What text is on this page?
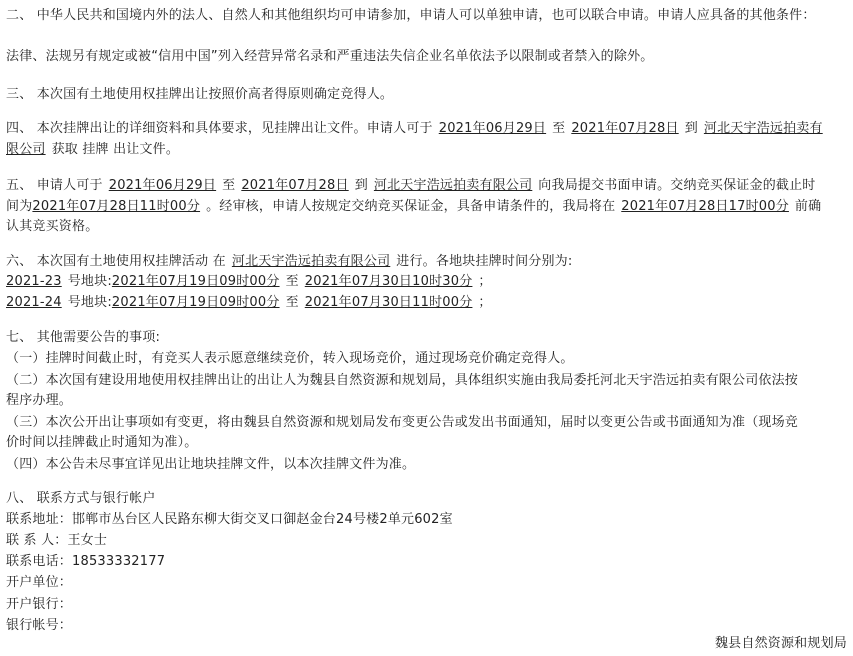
二、 中华人民共和国境内外的法人、自然人和其他组织均可申请参加，申请人可以单独申请，也可以联合申请。申请人应具备的其他条件：
法律、法规另有规定或被“信用中国”列入经营异常名录和严重违法失信企业名单依法予以限制或者禁入的除外。
三、 本次国有土地使用权挂牌出让按照价高者得原则确定竞得人。
四、 本次挂牌出让的详细资料和具体要求，见挂牌出让文件。申请人可于 2021年06月29日 至 2021年07月28日 到 河北天宇浩远拍卖有
限公司 获取 挂牌 出让文件。
五、 申请人可于 2021年06月29日 至 2021年07月28日 到 河北天宇浩远拍卖有限公司 向我局提交书面申请。交纳竞买保证金的截止时
间为2021年07月28日11时00分 。经审核，申请人按规定交纳竞买保证金，具备申请条件的，我局将在 2021年07月28日17时00分 前确
认其竞买资格。
六、 本次国有土地使用权挂牌活动 在 河北天宇浩远拍卖有限公司 进行。各地块挂牌时间分别为:
2021-23 号地块:2021年07月19日09时00分 至 2021年07月30日10时30分 ；
2021-24 号地块:2021年07月19日09时00分 至 2021年07月30日11时00分 ；
七、 其他需要公告的事项:
（一）挂牌时间截止时，有竞买人表示愿意继续竞价，转入现场竞价，通过现场竞价确定竞得人。
（二）本次国有建设用地使用权挂牌出让的出让人为魏县自然资源和规划局，具体组织实施由我局委托河北天宇浩远拍卖有限公司依法按
程序办理。
（三）本次公开出让事项如有变更，将由魏县自然资源和规划局发布变更公告或发出书面通知，届时以变更公告或书面通知为准（现场竞
价时间以挂牌截止时通知为准）。
（四）本公告未尽事宜详见出让地块挂牌文件，以本次挂牌文件为准。
八、 联系方式与银行帐户
联系地址：邯郸市丛台区人民路东柳大街交叉口御赵金台24号楼2单元602室
联 系 人：王女士
联系电话：18533332177
开户单位：
开户银行：
银行帐号：
魏县自然资源和规划局
